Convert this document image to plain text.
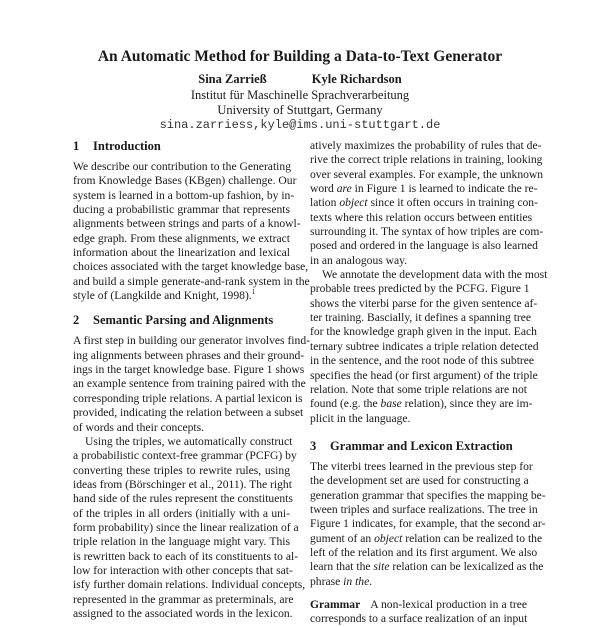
An Automatic Method for Building a Data-to-Text Generator
Sina Zarrieß	Kyle Richardson
Institut für Maschinelle Sprachverarbeitung
University of Stuttgart, Germany
sina.zarriess,kyle@ims.uni-stuttgart.de
1 Introduction

We describe our contribution to the Generating
from Knowledge Bases (KBgen) challenge. Our
system is learned in a bottom-up fashion, by in-
ducing a probabilistic grammar that represents
alignments between strings and parts of a knowl-
edge graph. From these alignments, we extract
information about the linearization and lexical
choices associated with the target knowledge base,
and build a simple generate-and-rank system in the
style of (Langkilde and Knight, 1998).$^1$

2 Semantic Parsing and Alignments

A first step in building our generator involves find-
ing alignments between phrases and their ground-
ings in the target knowledge base. Figure 1 shows
an example sentence from training paired with the
corresponding triple relations. A partial lexicon is
provided, indicating the relation between a subset
of words and their concepts.

Using the triples, we automatically construct
a probabilistic context-free grammar (PCFG) by
converting these triples to rewrite rules, using
ideas from (Börschinger et al., 2011). The right
hand side of the rules represent the constituents
of the triples in all orders (initially with a uni-
form probability) since the linear realization of a
triple relation in the language might vary. This
is rewritten back to each of its constituents to al-
low for interaction with other concepts that sat-
isfy further domain relations. Individual concepts,
represented in the grammar as preterminals, are
assigned to the associated words in the lexicon.

atively maximizes the probability of rules that de-
rive the correct triple relations in training, looking
over several examples. For example, the unknown
word are in Figure 1 is learned to indicate the re-
lation object since it often occurs in training con-
texts where this relation occurs between entities
surrounding it. The syntax of how triples are com-
posed and ordered in the language is also learned
in an analogous way.

We annotate the development data with the most
probable trees predicted by the PCFG. Figure 1
shows the viterbi parse for the given sentence af-
ter training. Bascially, it defines a spanning tree
for the knowledge graph given in the input. Each
ternary subtree indicates a triple relation detected
in the sentence, and the root node of this subtree
specifies the head (or first argument) of the triple
relation. Note that some triple relations are not
found (e.g. the base relation), since they are im-
plicit in the language.

3 Grammar and Lexicon Extraction

The viterbi trees learned in the previous step for
the development set are used for constructing a
generation grammar that specifies the mapping be-
tween triples and surface realizations. The tree in
Figure 1 indicates, for example, that the second ar-
gument of an object relation can be realized to the
left of the relation and its first argument. We also
learn that the site relation can be lexicalized as the
phrase in the.

Grammar A non-lexical production in a tree
corresponds to a surface realization of an input
